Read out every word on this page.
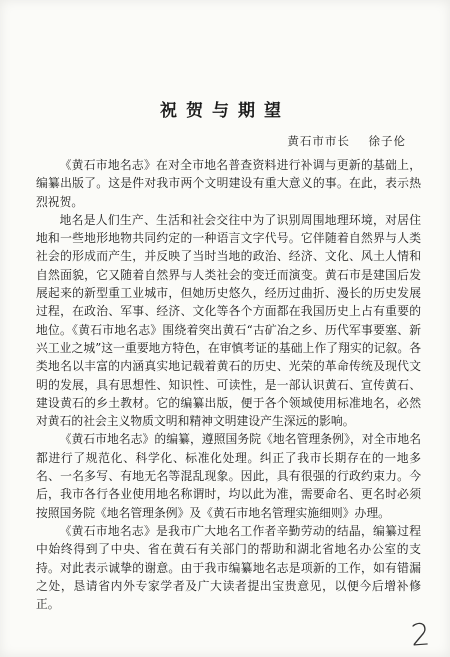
祝贺与期望
黄石市市长 徐子伦

《黄石市地名志》在对全市地名普查资料进行补调与更新的基础上，编纂出版了。这是件对我市两个文明建设有重大意义的事。在此，表示热烈祝贺。

地名是人们生产、生活和社会交往中为了识别周围地理环境，对居住地和一些地形地物共同约定的一种语言文字代号。它伴随着自然界与人类社会的形成而产生，并反映了当时当地的政治、经济、文化、风土人情和自然面貌，它又随着自然界与人类社会的变迁而演变。黄石市是建国后发展起来的新型重工业城市，但她历史悠久，经历过曲折、漫长的历史发展过程，在政治、军事、经济、文化等各个方面都在我国历史上占有重要的地位。《黄石市地名志》围绕着突出黄石“古矿冶之乡、历代军事要塞、新兴工业之城”这一重要地方特色，在审慎考证的基础上作了翔实的记叙。各类地名以丰富的内涵真实地记载着黄石的历史、光荣的革命传统及现代文明的发展，具有思想性、知识性、可读性，是一部认识黄石、宣传黄石、建设黄石的乡土教材。它的编纂出版，便于各个领域使用标准地名，必然对黄石的社会主义物质文明和精神文明建设产生深远的影响。

《黄石市地名志》的编纂，遵照国务院《地名管理条例》，对全市地名都进行了规范化、科学化、标准化处理。纠正了我市长期存在的一地多名、一名多写、有地无名等混乱现象。因此，具有很强的行政约束力。今后，我市各行各业使用地名称谓时，均以此为准，需要命名、更名时必须按照国务院《地名管理条例》及《黄石市地名管理实施细则》办理。

《黄石市地名志》是我市广大地名工作者辛勤劳动的结晶，编纂过程中始终得到了中央、省在黄石有关部门的帮助和湖北省地名办公室的支持。对此表示诚挚的谢意。由于我市编纂地名志是项新的工作，如有错漏之处，恳请省内外专家学者及广大读者提出宝贵意见，以便今后增补修正。

2
